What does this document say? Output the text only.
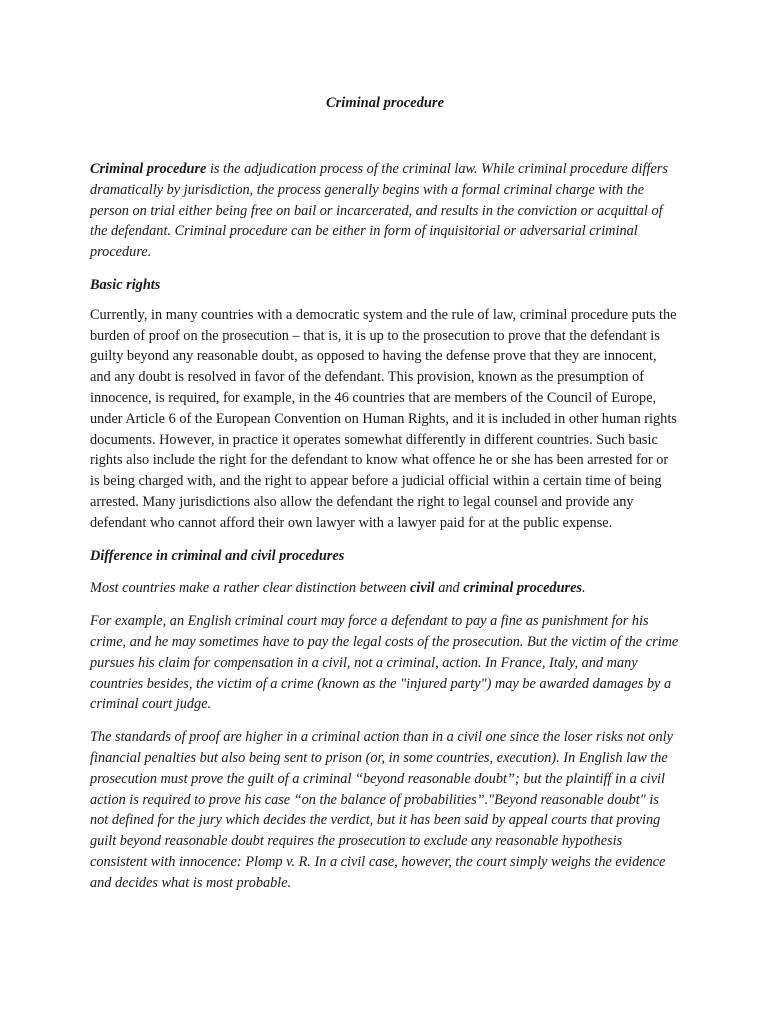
Criminal procedure

Criminal procedure is the adjudication process of the criminal law. While criminal procedure differs dramatically by jurisdiction, the process generally begins with a formal criminal charge with the person on trial either being free on bail or incarcerated, and results in the conviction or acquittal of the defendant. Criminal procedure can be either in form of inquisitorial or adversarial criminal procedure.

Basic rights

Currently, in many countries with a democratic system and the rule of law, criminal procedure puts the burden of proof on the prosecution – that is, it is up to the prosecution to prove that the defendant is guilty beyond any reasonable doubt, as opposed to having the defense prove that they are innocent, and any doubt is resolved in favor of the defendant. This provision, known as the presumption of innocence, is required, for example, in the 46 countries that are members of the Council of Europe, under Article 6 of the European Convention on Human Rights, and it is included in other human rights documents. However, in practice it operates somewhat differently in different countries. Such basic rights also include the right for the defendant to know what offence he or she has been arrested for or is being charged with, and the right to appear before a judicial official within a certain time of being arrested. Many jurisdictions also allow the defendant the right to legal counsel and provide any defendant who cannot afford their own lawyer with a lawyer paid for at the public expense.

Difference in criminal and civil procedures

Most countries make a rather clear distinction between civil and criminal procedures.

For example, an English criminal court may force a defendant to pay a fine as punishment for his crime, and he may sometimes have to pay the legal costs of the prosecution. But the victim of the crime pursues his claim for compensation in a civil, not a criminal, action. In France, Italy, and many countries besides, the victim of a crime (known as the "injured party") may be awarded damages by a criminal court judge.

The standards of proof are higher in a criminal action than in a civil one since the loser risks not only financial penalties but also being sent to prison (or, in some countries, execution). In English law the prosecution must prove the guilt of a criminal “beyond reasonable doubt”; but the plaintiff in a civil action is required to prove his case “on the balance of probabilities”."Beyond reasonable doubt" is not defined for the jury which decides the verdict, but it has been said by appeal courts that proving guilt beyond reasonable doubt requires the prosecution to exclude any reasonable hypothesis consistent with innocence: Plomp v. R. In a civil case, however, the court simply weighs the evidence and decides what is most probable.
